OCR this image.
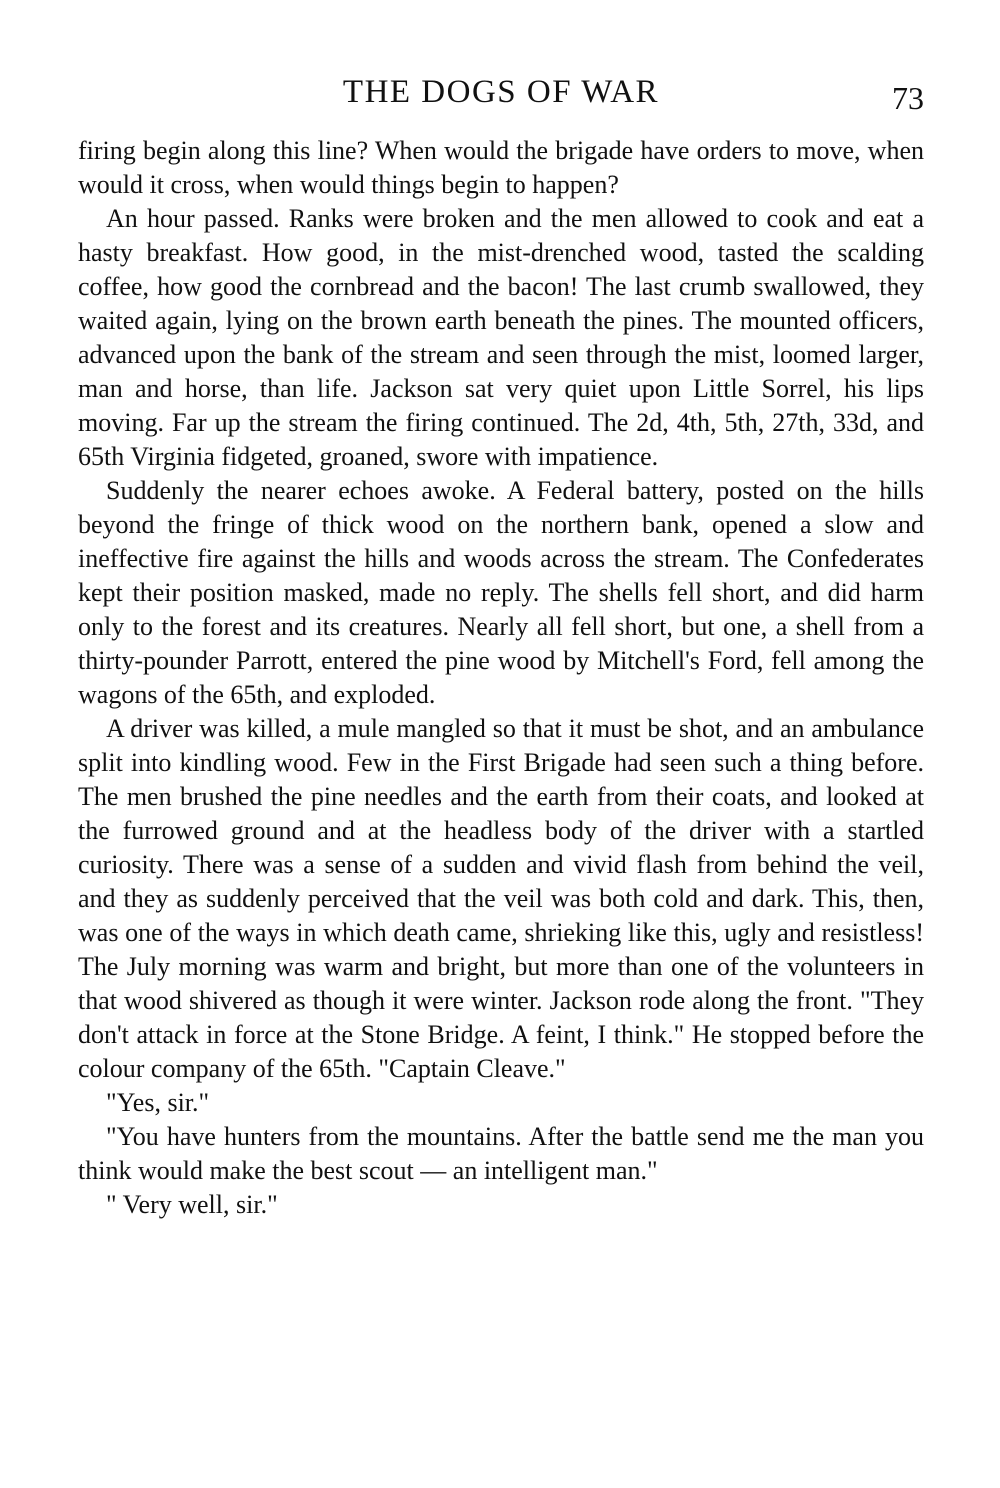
THE DOGS OF WAR	73

firing begin along this line? When would the brigade have orders to move, when would it cross, when would things begin to happen?

An hour passed. Ranks were broken and the men allowed to cook and eat a hasty breakfast. How good, in the mist-drenched wood, tasted the scalding coffee, how good the cornbread and the bacon! The last crumb swallowed, they waited again, lying on the brown earth beneath the pines. The mounted officers, advanced upon the bank of the stream and seen through the mist, loomed larger, man and horse, than life. Jackson sat very quiet upon Little Sorrel, his lips moving. Far up the stream the firing continued. The 2d, 4th, 5th, 27th, 33d, and 65th Virginia fidgeted, groaned, swore with impatience.

Suddenly the nearer echoes awoke. A Federal battery, posted on the hills beyond the fringe of thick wood on the northern bank, opened a slow and ineffective fire against the hills and woods across the stream. The Confederates kept their position masked, made no reply. The shells fell short, and did harm only to the forest and its creatures. Nearly all fell short, but one, a shell from a thirty-pounder Parrott, entered the pine wood by Mitchell's Ford, fell among the wagons of the 65th, and exploded.

A driver was killed, a mule mangled so that it must be shot, and an ambulance split into kindling wood. Few in the First Brigade had seen such a thing before. The men brushed the pine needles and the earth from their coats, and looked at the furrowed ground and at the headless body of the driver with a startled curiosity. There was a sense of a sudden and vivid flash from behind the veil, and they as suddenly perceived that the veil was both cold and dark. This, then, was one of the ways in which death came, shrieking like this, ugly and resistless! The July morning was warm and bright, but more than one of the volunteers in that wood shivered as though it were winter. Jackson rode along the front. "They don't attack in force at the Stone Bridge. A feint, I think." He stopped before the colour company of the 65th. "Captain Cleave."

"Yes, sir."

"You have hunters from the mountains. After the battle send me the man you think would make the best scout — an intelligent man."

" Very well, sir."
